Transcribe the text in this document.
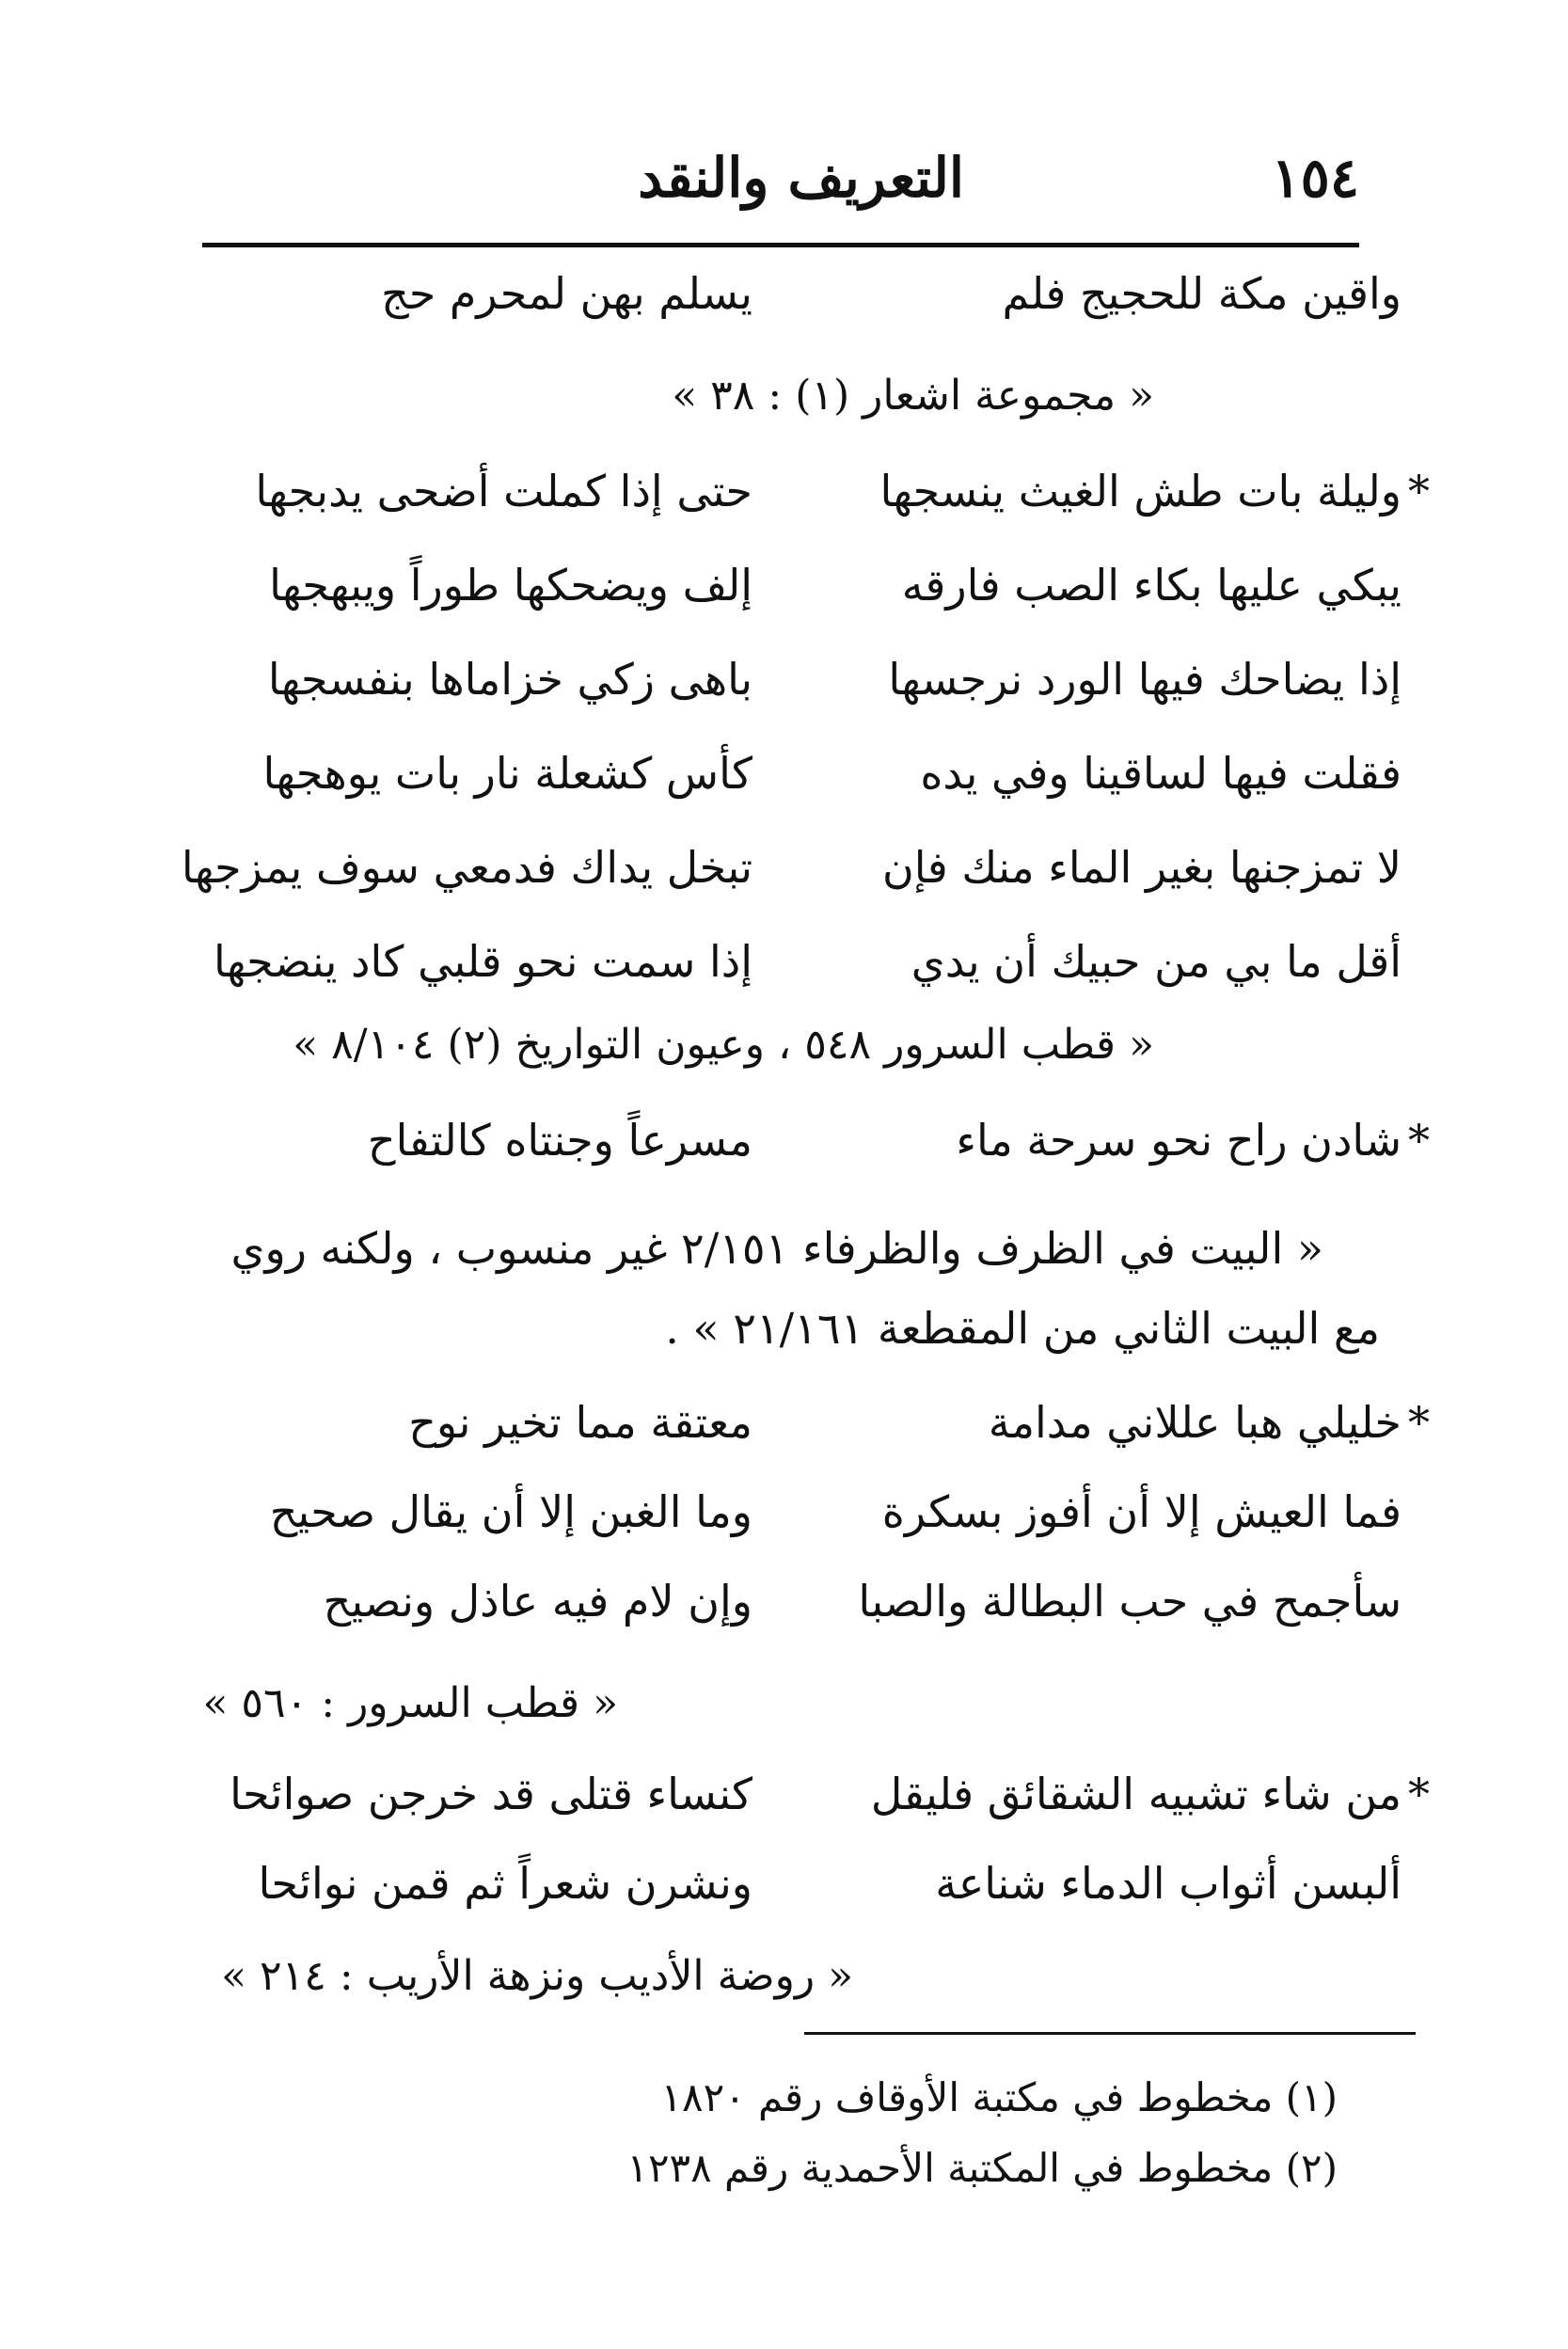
١٥٤
التعريف والنقد
واقين مكة للحجيج فلم
يسلم بهن لمحرم حج
« مجموعة اشعار (١) : ٣٨ »
*
وليلة بات طش الغيث ينسجها
حتى إذا كملت أضحى يدبجها
يبكي عليها بكاء الصب فارقه
إلف ويضحكها طوراً ويبهجها
إذا يضاحك فيها الورد نرجسها
باهى زكي خزاماها بنفسجها
فقلت فيها لساقينا وفي يده
كأس كشعلة نار بات يوهجها
لا تمزجنها بغير الماء منك فإن
تبخل يداك فدمعي سوف يمزجها
أقل ما بي من حبيك أن يدي
إذا سمت نحو قلبي كاد ينضجها
« قطب السرور ٥٤٨ ، وعيون التواريخ (٢) ٨/١٠٤ »
*
شادن راح نحو سرحة ماء
مسرعاً وجنتاه كالتفاح
« البيت في الظرف والظرفاء ٢/١٥١ غير منسوب ، ولكنه روي
مع البيت الثاني من المقطعة ٢١/١٦١ » .
*
خليلي هبا عللاني مدامة
معتقة مما تخير نوح
فما العيش إلا أن أفوز بسكرة
وما الغبن إلا أن يقال صحيح
سأجمح في حب البطالة والصبا
وإن لام فيه عاذل ونصيح
« قطب السرور : ٥٦٠ »
*
من شاء تشبيه الشقائق فليقل
كنساء قتلى قد خرجن صوائحا
ألبسن أثواب الدماء شناعة
ونشرن شعراً ثم قمن نوائحا
« روضة الأديب ونزهة الأريب : ٢١٤ »
(١) مخطوط في مكتبة الأوقاف رقم ١٨٢٠
(٢) مخطوط في المكتبة الأحمدية رقم ١٢٣٨
